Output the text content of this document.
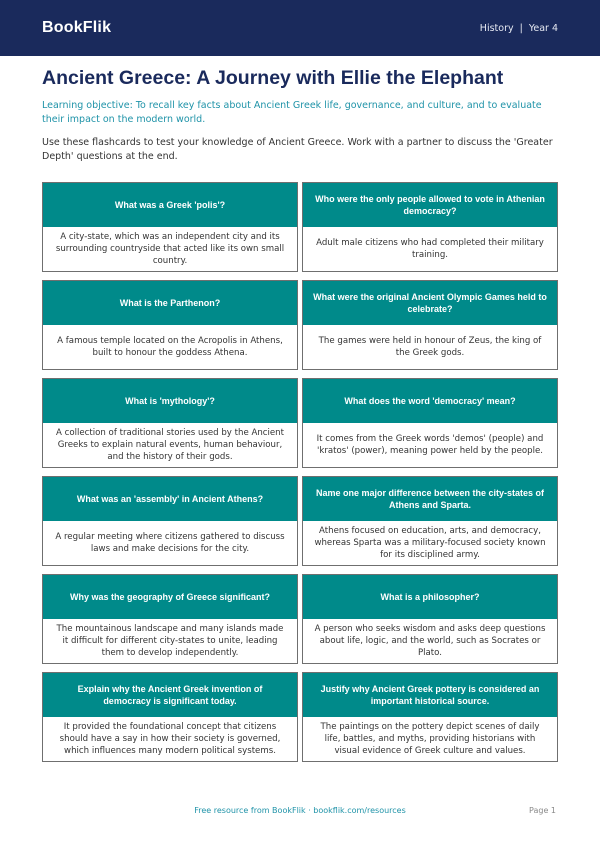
BookFlik	History | Year 4
Ancient Greece: A Journey with Ellie the Elephant

Learning objective: To recall key facts about Ancient Greek life, governance, and culture, and to evaluate their impact on the modern world.

Use these flashcards to test your knowledge of Ancient Greece. Work with a partner to discuss the 'Greater Depth' questions at the end.

What was a Greek 'polis'?
A city-state, which was an independent city and its surrounding countryside that acted like its own small country.
Who were the only people allowed to vote in Athenian democracy?
Adult male citizens who had completed their military training.
What is the Parthenon?
A famous temple located on the Acropolis in Athens, built to honour the goddess Athena.
What were the original Ancient Olympic Games held to celebrate?
The games were held in honour of Zeus, the king of the Greek gods.
What is 'mythology'?
A collection of traditional stories used by the Ancient Greeks to explain natural events, human behaviour, and the history of their gods.
What does the word 'democracy' mean?
It comes from the Greek words 'demos' (people) and 'kratos' (power), meaning power held by the people.
What was an 'assembly' in Ancient Athens?
A regular meeting where citizens gathered to discuss laws and make decisions for the city.
Name one major difference between the city-states of Athens and Sparta.
Athens focused on education, arts, and democracy, whereas Sparta was a military-focused society known for its disciplined army.
Why was the geography of Greece significant?
The mountainous landscape and many islands made it difficult for different city-states to unite, leading them to develop independently.
What is a philosopher?
A person who seeks wisdom and asks deep questions about life, logic, and the world, such as Socrates or Plato.
Explain why the Ancient Greek invention of democracy is significant today.
It provided the foundational concept that citizens should have a say in how their society is governed, which influences many modern political systems.
Justify why Ancient Greek pottery is considered an important historical source.
The paintings on the pottery depict scenes of daily life, battles, and myths, providing historians with visual evidence of Greek culture and values.
Free resource from BookFlik · bookflik.com/resources	Page 1
